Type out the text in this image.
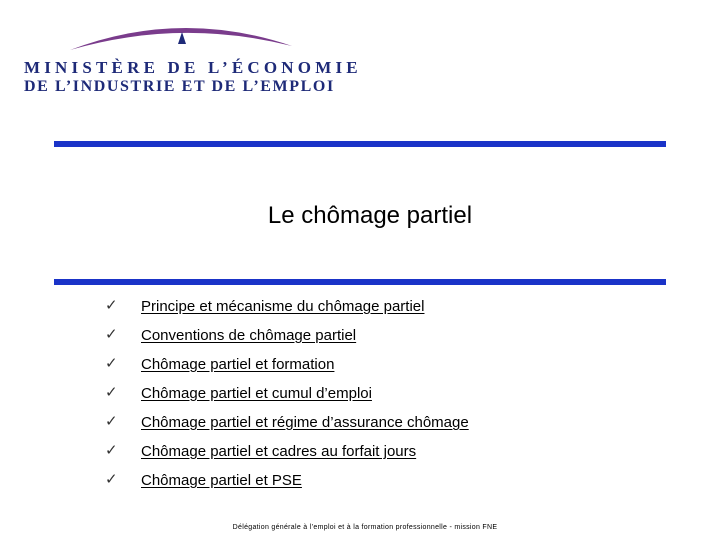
MINISTÈRE DE L’ÉCONOMIE
DE L’INDUSTRIE ET DE L’EMPLOI
Le chômage partiel
✓ Principe et mécanisme du chômage partiel
✓ Conventions de chômage partiel
✓ Chômage partiel et formation
✓ Chômage partiel et cumul d’emploi
✓ Chômage partiel et régime d’assurance chômage
✓ Chômage partiel et cadres au forfait jours
✓ Chômage partiel et PSE
Délégation générale à l’emploi et à la formation professionnelle - mission FNE
